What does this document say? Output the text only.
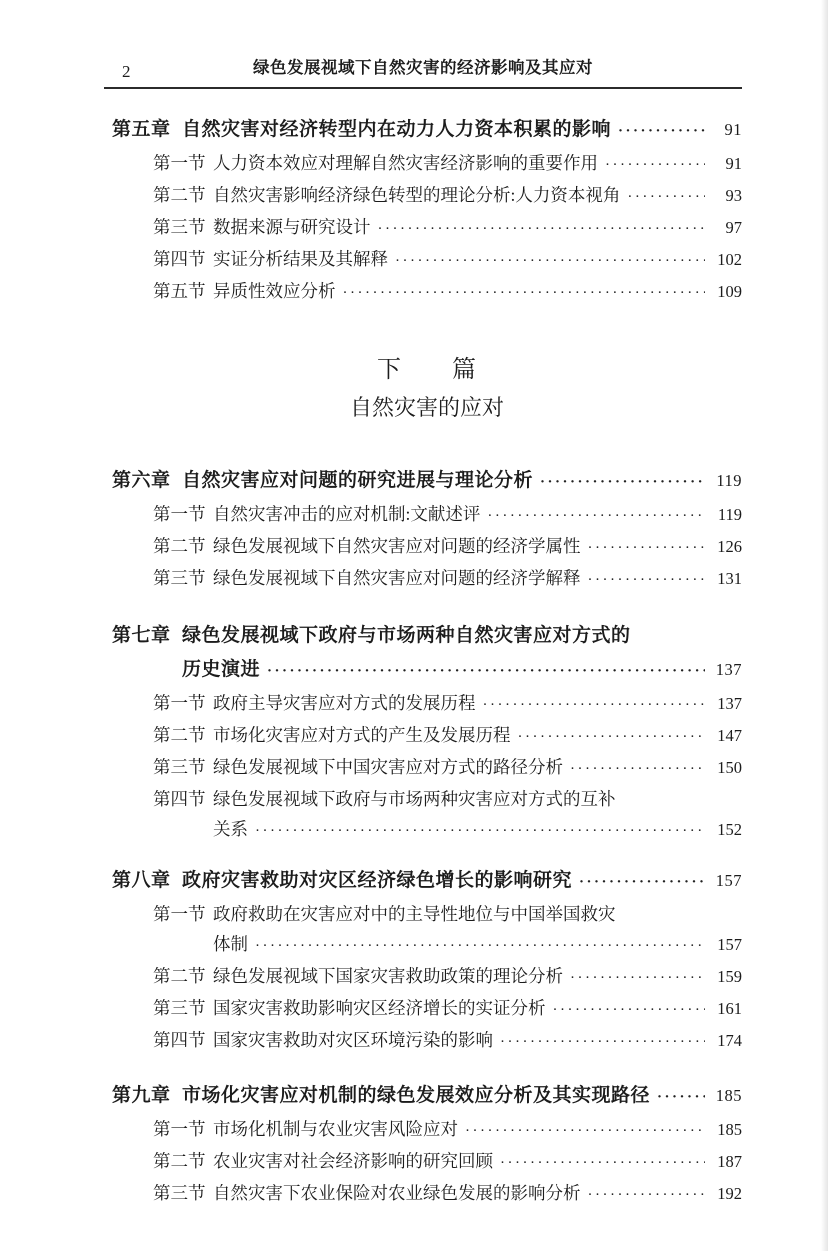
2	绿色发展视域下自然灾害的经济影响及其应对
第五章 自然灾害对经济转型内在动力人力资本积累的影响 ·····	91
第一节 人力资本效应对理解自然灾害经济影响的重要作用 ·····	91
第二节 自然灾害影响经济绿色转型的理论分析:人力资本视角 ·····	93
第三节 数据来源与研究设计 ·····	97
第四节 实证分析结果及其解释 ·····	102
第五节 异质性效应分析 ·····	109
下　　篇
自然灾害的应对
第六章 自然灾害应对问题的研究进展与理论分析 ·····	119
第一节 自然灾害冲击的应对机制:文献述评 ·····	119
第二节 绿色发展视域下自然灾害应对问题的经济学属性 ·····	126
第三节 绿色发展视域下自然灾害应对问题的经济学解释 ·····	131
第七章 绿色发展视域下政府与市场两种自然灾害应对方式的
历史演进 ·····	137
第一节 政府主导灾害应对方式的发展历程 ·····	137
第二节 市场化灾害应对方式的产生及发展历程 ·····	147
第三节 绿色发展视域下中国灾害应对方式的路径分析 ·····	150
第四节 绿色发展视域下政府与市场两种灾害应对方式的互补
关系 ·····	152
第八章 政府灾害救助对灾区经济绿色增长的影响研究 ·····	157
第一节 政府救助在灾害应对中的主导性地位与中国举国救灾
体制 ·····	157
第二节 绿色发展视域下国家灾害救助政策的理论分析 ·····	159
第三节 国家灾害救助影响灾区经济增长的实证分析 ·····	161
第四节 国家灾害救助对灾区环境污染的影响 ·····	174
第九章 市场化灾害应对机制的绿色发展效应分析及其实现路径 ·····	185
第一节 市场化机制与农业灾害风险应对 ·····	185
第二节 农业灾害对社会经济影响的研究回顾 ·····	187
第三节 自然灾害下农业保险对农业绿色发展的影响分析 ·····	192
